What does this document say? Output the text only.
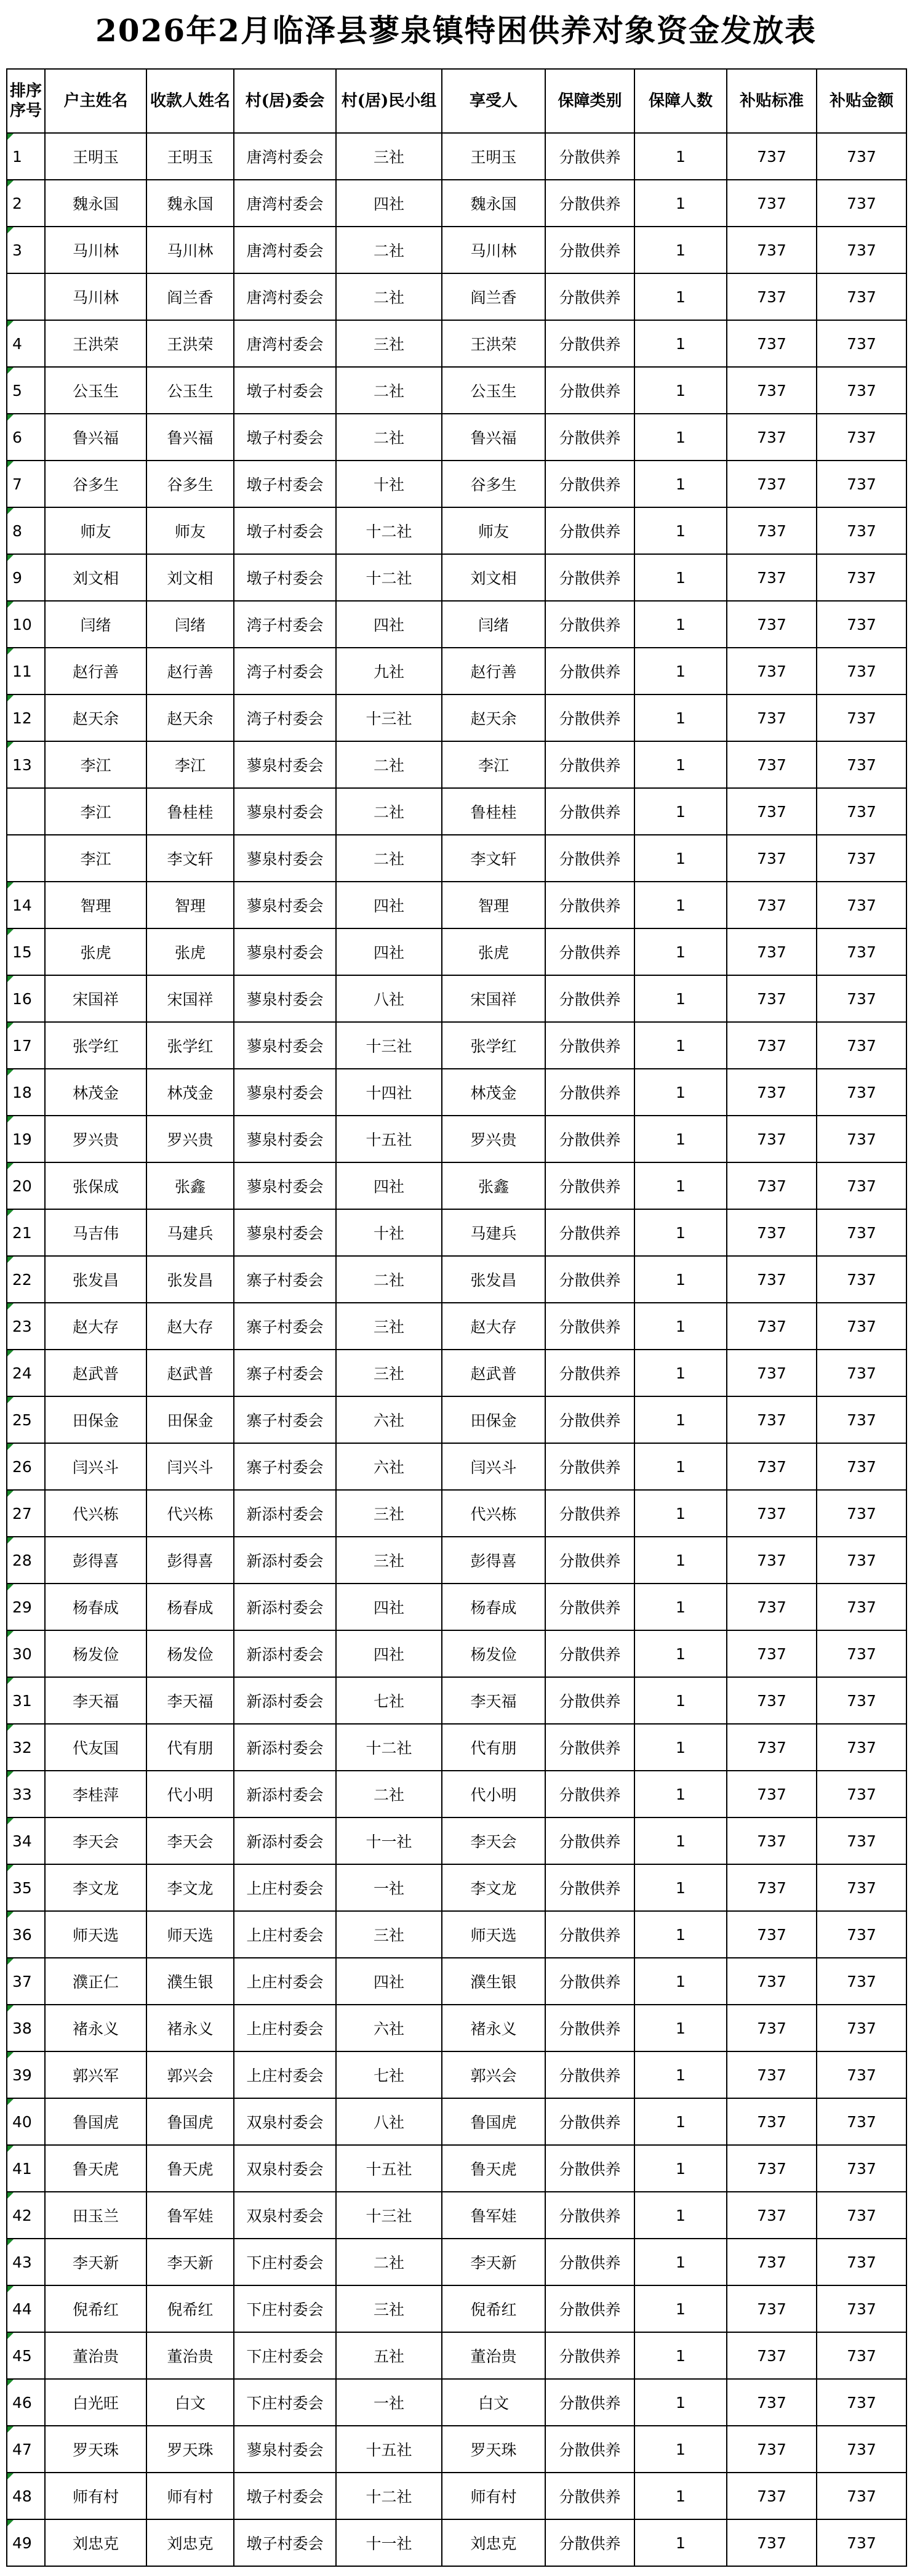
2026年2月临泽县蓼泉镇特困供养对象资金发放表
排序序号	户主姓名	收款人姓名	村(居)委会	村(居)民小组	享受人	保障类别	保障人数	补贴标准	补贴金额
1	王明玉	王明玉	唐湾村委会	三社	王明玉	分散供养	1	737	737
2	魏永国	魏永国	唐湾村委会	四社	魏永国	分散供养	1	737	737
3	马川林	马川林	唐湾村委会	二社	马川林	分散供养	1	737	737
	马川林	阎兰香	唐湾村委会	二社	阎兰香	分散供养	1	737	737
4	王洪荣	王洪荣	唐湾村委会	三社	王洪荣	分散供养	1	737	737
5	公玉生	公玉生	墩子村委会	二社	公玉生	分散供养	1	737	737
6	鲁兴福	鲁兴福	墩子村委会	二社	鲁兴福	分散供养	1	737	737
7	谷多生	谷多生	墩子村委会	十社	谷多生	分散供养	1	737	737
8	师友	师友	墩子村委会	十二社	师友	分散供养	1	737	737
9	刘文相	刘文相	墩子村委会	十二社	刘文相	分散供养	1	737	737
10	闫绪	闫绪	湾子村委会	四社	闫绪	分散供养	1	737	737
11	赵行善	赵行善	湾子村委会	九社	赵行善	分散供养	1	737	737
12	赵天余	赵天余	湾子村委会	十三社	赵天余	分散供养	1	737	737
13	李江	李江	蓼泉村委会	二社	李江	分散供养	1	737	737
	李江	鲁桂桂	蓼泉村委会	二社	鲁桂桂	分散供养	1	737	737
	李江	李文轩	蓼泉村委会	二社	李文轩	分散供养	1	737	737
14	智理	智理	蓼泉村委会	四社	智理	分散供养	1	737	737
15	张虎	张虎	蓼泉村委会	四社	张虎	分散供养	1	737	737
16	宋国祥	宋国祥	蓼泉村委会	八社	宋国祥	分散供养	1	737	737
17	张学红	张学红	蓼泉村委会	十三社	张学红	分散供养	1	737	737
18	林茂金	林茂金	蓼泉村委会	十四社	林茂金	分散供养	1	737	737
19	罗兴贵	罗兴贵	蓼泉村委会	十五社	罗兴贵	分散供养	1	737	737
20	张保成	张鑫	蓼泉村委会	四社	张鑫	分散供养	1	737	737
21	马吉伟	马建兵	蓼泉村委会	十社	马建兵	分散供养	1	737	737
22	张发昌	张发昌	寨子村委会	二社	张发昌	分散供养	1	737	737
23	赵大存	赵大存	寨子村委会	三社	赵大存	分散供养	1	737	737
24	赵武普	赵武普	寨子村委会	三社	赵武普	分散供养	1	737	737
25	田保金	田保金	寨子村委会	六社	田保金	分散供养	1	737	737
26	闫兴斗	闫兴斗	寨子村委会	六社	闫兴斗	分散供养	1	737	737
27	代兴栋	代兴栋	新添村委会	三社	代兴栋	分散供养	1	737	737
28	彭得喜	彭得喜	新添村委会	三社	彭得喜	分散供养	1	737	737
29	杨春成	杨春成	新添村委会	四社	杨春成	分散供养	1	737	737
30	杨发俭	杨发俭	新添村委会	四社	杨发俭	分散供养	1	737	737
31	李天福	李天福	新添村委会	七社	李天福	分散供养	1	737	737
32	代友国	代有朋	新添村委会	十二社	代有朋	分散供养	1	737	737
33	李桂萍	代小明	新添村委会	二社	代小明	分散供养	1	737	737
34	李天会	李天会	新添村委会	十一社	李天会	分散供养	1	737	737
35	李文龙	李文龙	上庄村委会	一社	李文龙	分散供养	1	737	737
36	师天选	师天选	上庄村委会	三社	师天选	分散供养	1	737	737
37	濮正仁	濮生银	上庄村委会	四社	濮生银	分散供养	1	737	737
38	褚永义	褚永义	上庄村委会	六社	褚永义	分散供养	1	737	737
39	郭兴军	郭兴会	上庄村委会	七社	郭兴会	分散供养	1	737	737
40	鲁国虎	鲁国虎	双泉村委会	八社	鲁国虎	分散供养	1	737	737
41	鲁天虎	鲁天虎	双泉村委会	十五社	鲁天虎	分散供养	1	737	737
42	田玉兰	鲁军娃	双泉村委会	十三社	鲁军娃	分散供养	1	737	737
43	李天新	李天新	下庄村委会	二社	李天新	分散供养	1	737	737
44	倪希红	倪希红	下庄村委会	三社	倪希红	分散供养	1	737	737
45	董治贵	董治贵	下庄村委会	五社	董治贵	分散供养	1	737	737
46	白光旺	白文	下庄村委会	一社	白文	分散供养	1	737	737
47	罗天珠	罗天珠	蓼泉村委会	十五社	罗天珠	分散供养	1	737	737
48	师有村	师有村	墩子村委会	十二社	师有村	分散供养	1	737	737
49	刘忠克	刘忠克	墩子村委会	十一社	刘忠克	分散供养	1	737	737
